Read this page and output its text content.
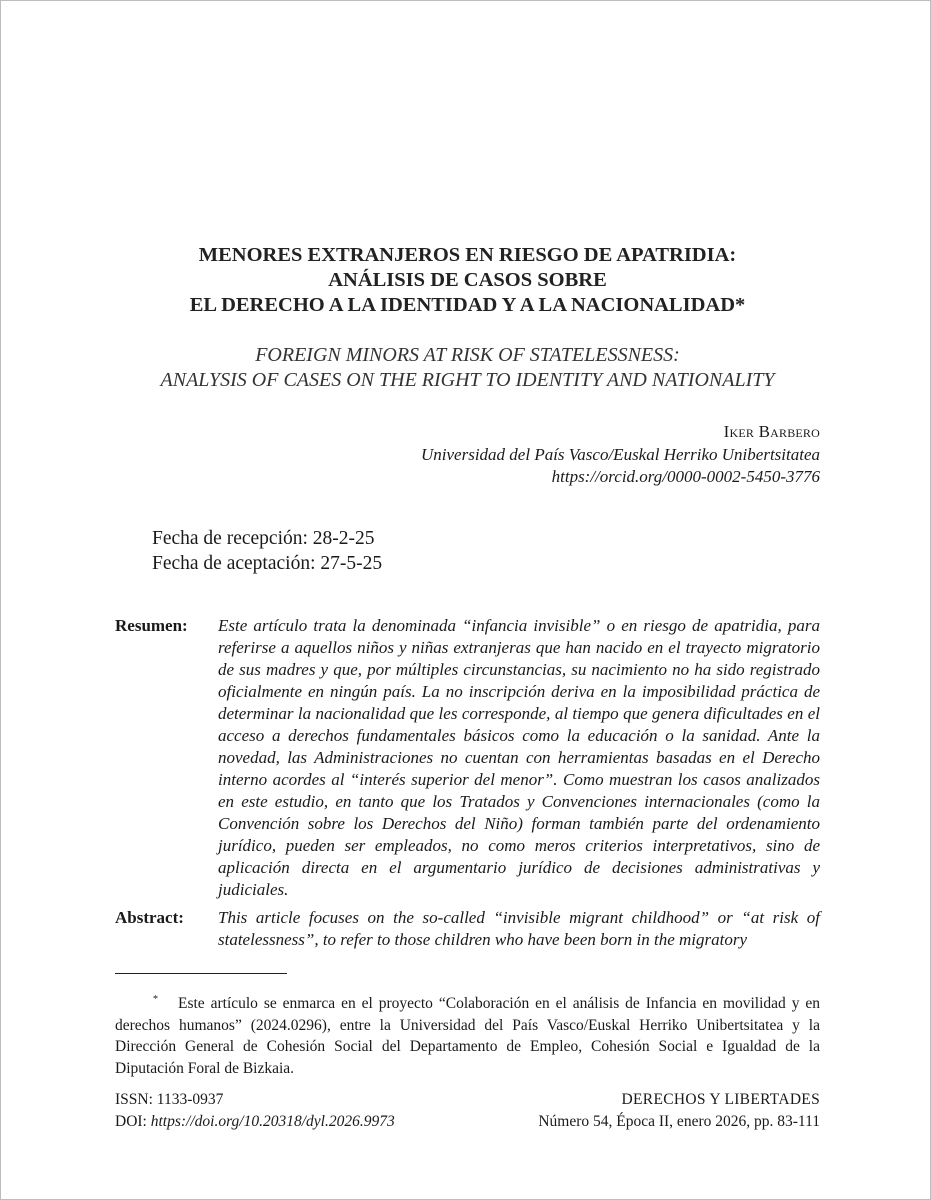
MENORES EXTRANJEROS EN RIESGO DE APATRIDIA:
ANÁLISIS DE CASOS SOBRE
EL DERECHO A LA IDENTIDAD Y A LA NACIONALIDAD*
FOREIGN MINORS AT RISK OF STATELESSNESS:
ANALYSIS OF CASES ON THE RIGHT TO IDENTITY AND NATIONALITY
Iker Barbero
Universidad del País Vasco/Euskal Herriko Unibertsitatea
https://orcid.org/0000-0002-5450-3776
Fecha de recepción: 28-2-25
Fecha de aceptación: 27-5-25
Resumen: Este artículo trata la denominada “infancia invisible” o en riesgo de apatridia, para referirse a aquellos niños y niñas extranjeras que han nacido en el trayecto migratorio de sus madres y que, por múltiples circunstancias, su nacimiento no ha sido registrado oficialmente en ningún país. La no inscripción deriva en la imposibilidad práctica de determinar la nacionalidad que les corresponde, al tiempo que genera dificultades en el acceso a derechos fundamentales básicos como la educación o la sanidad. Ante la novedad, las Administraciones no cuentan con herramientas basadas en el Derecho interno acordes al “interés superior del menor”. Como muestran los casos analizados en este estudio, en tanto que los Tratados y Convenciones internacionales (como la Convención sobre los Derechos del Niño) forman también parte del ordenamiento jurídico, pueden ser empleados, no como meros criterios interpretativos, sino de aplicación directa en el argumentario jurídico de decisiones administrativas y judiciales.
Abstract: This article focuses on the so-called “invisible migrant childhood” or “at risk of statelessness”, to refer to those children who have been born in the migratory
* Este artículo se enmarca en el proyecto “Colaboración en el análisis de Infancia en movilidad y en derechos humanos” (2024.0296), entre la Universidad del País Vasco/Euskal Herriko Unibertsitatea y la Dirección General de Cohesión Social del Departamento de Empleo, Cohesión Social e Igualdad de la Diputación Foral de Bizkaia.
ISSN: 1133-0937
DOI: https://doi.org/10.20318/dyl.2026.9973
DERECHOS Y LIBERTADES
Número 54, Época II, enero 2026, pp. 83-111
